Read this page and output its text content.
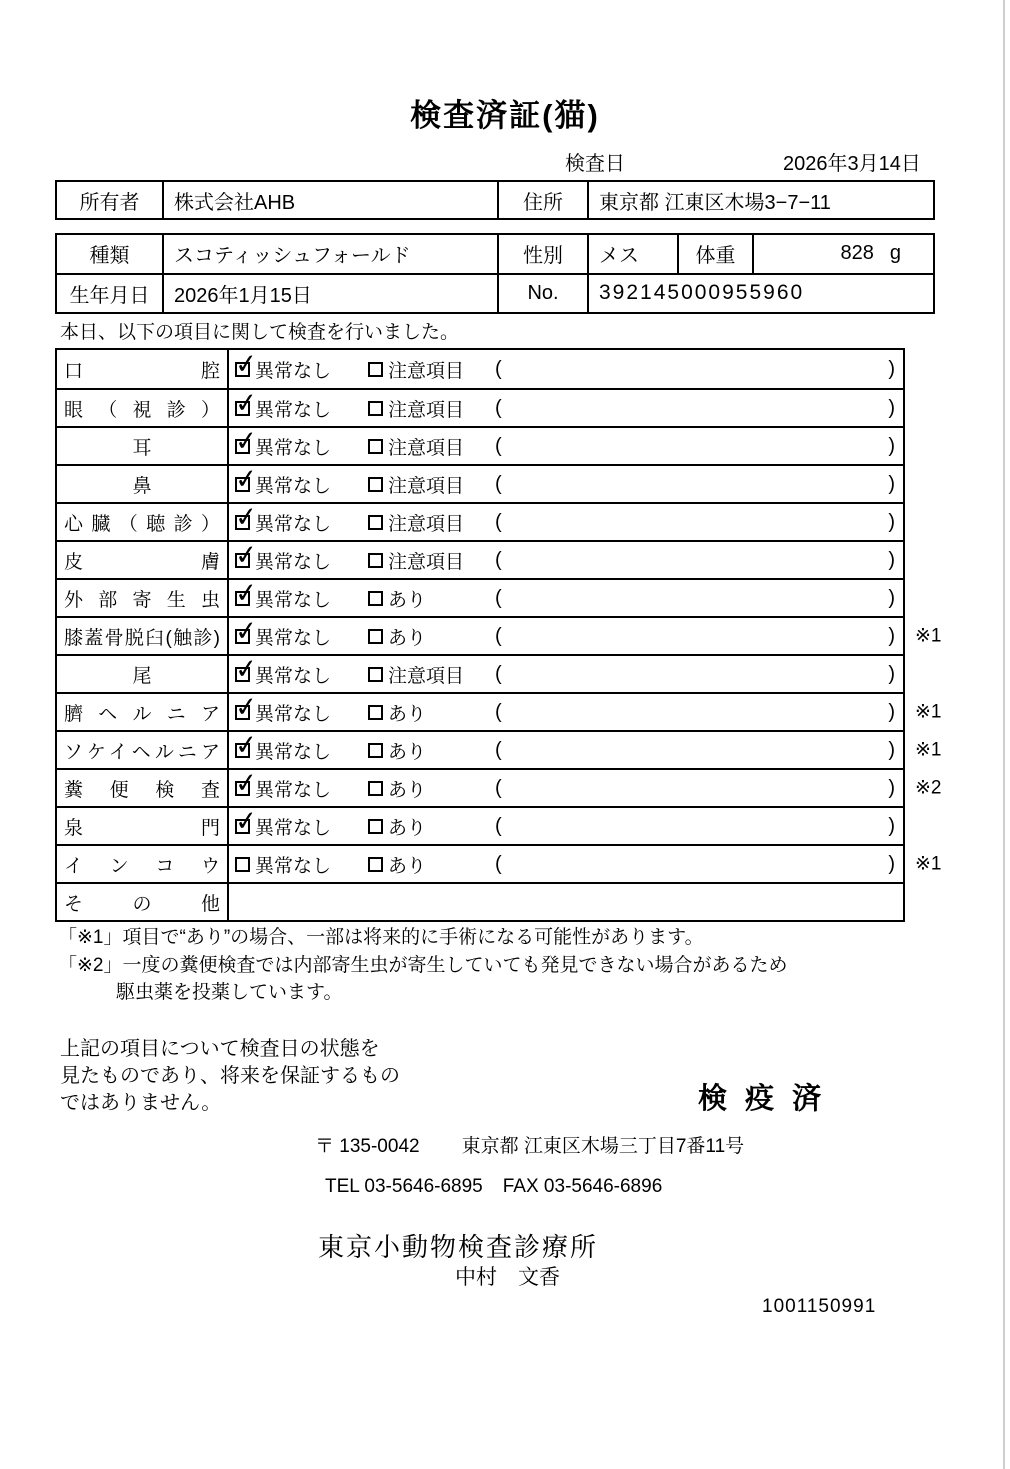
検査済証(猫)
検査日	2026年3月14日
所有者	株式会社AHB	住所	東京都 江東区木場3−7−11
種類	スコティッシュフォールド	性別	メス	体重	828 g
生年月日	2026年1月15日	No.	392145000955960

本日、以下の項目に関して検査を行いました。

口腔 ✓ 異常なし	注意項目 (	)
眼（視診） ✓ 異常なし	注意項目 (	)
耳 ✓	異常なし	注意項目 (	)
鼻 ✓	異常なし	注意項目 (	)
心臓（聴診） ✓ 異常なし	注意項目 (	)
皮膚 ✓ 異常なし	注意項目 (	)
外部寄生虫 ✓ 異常なし	あり	(	)
膝蓋骨脱臼(触診) ✓ 異常なし	あり	(	) ※1
尾 ✓	異常なし	注意項目 (	)
臍ヘルニア ✓ 異常なし	あり	(	) ※1
ソケイヘルニア ✓ 異常なし	あり	(	) ※1
糞便検査 ✓ 異常なし	あり	(	) ※2
泉門 ✓ 異常なし	あり	(	)
インコウ 異常なし	あり	(	) ※1
その他
「※1」項目で“あり”の場合、一部は将来的に手術になる可能性があります。
「※2」一度の糞便検査では内部寄生虫が寄生していても発見できない場合があるため
駆虫薬を投薬しています。
上記の項目について検査日の状態を
見たものであり、将来を保証するもの
ではありません。	検 疫 済
〒 135-0042 東京都 江東区木場三丁目7番11号
TEL 03-5646-6895 FAX 03-5646-6896
東京小動物検査診療所
中村　文香
1001150991
